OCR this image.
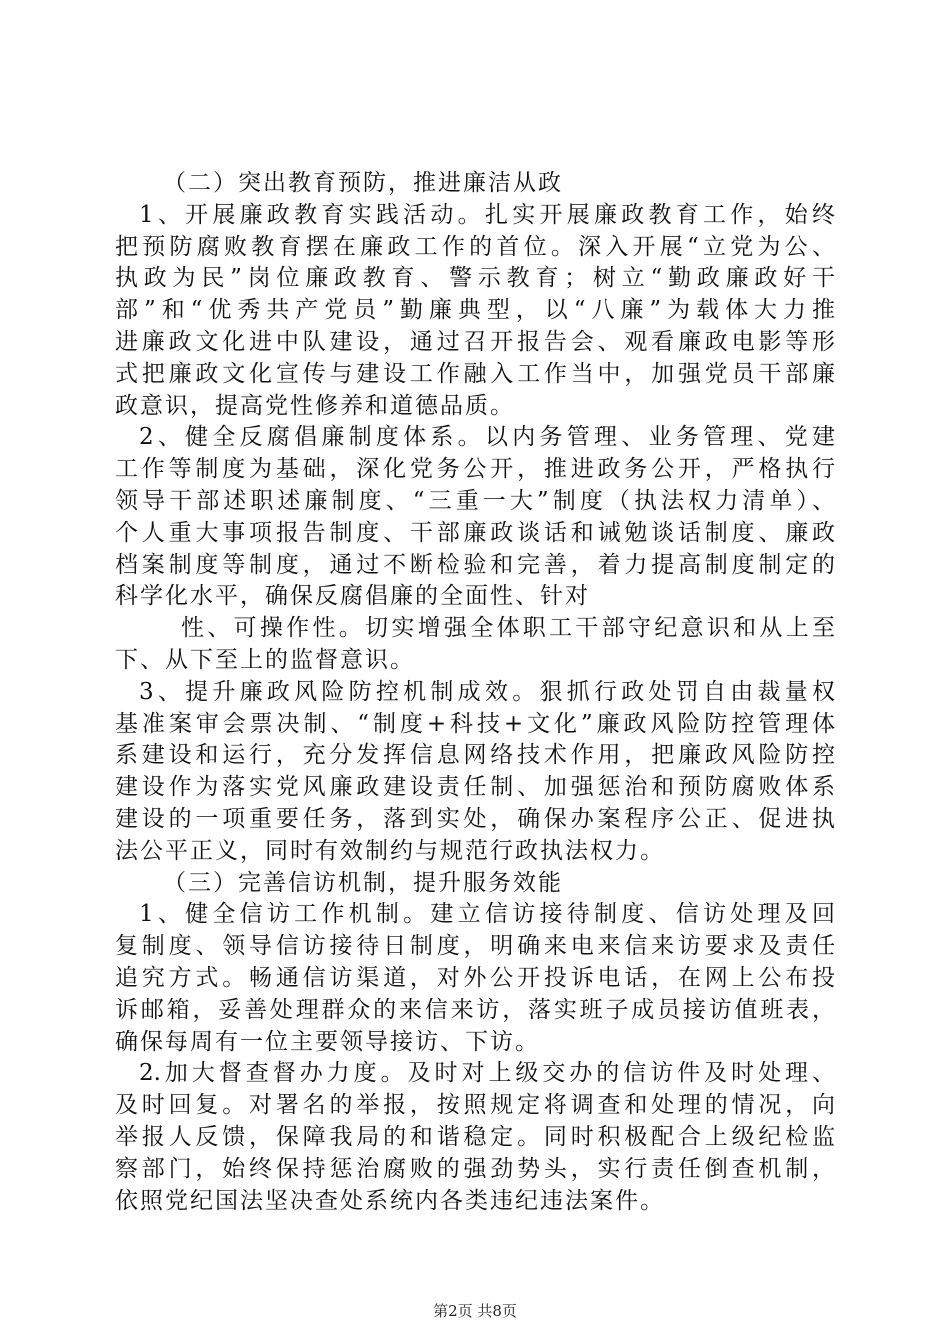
（二）突出教育预防，推进廉洁从政
1、开展廉政教育实践活动。扎实开展廉政教育工作，始终
把预防腐败教育摆在廉政工作的首位。深入开展“立党为公、
执政为民”岗位廉政教育、警示教育；树立“勤政廉政好干
部”和“优秀共产党员”勤廉典型，以“八廉”为载体大力推
进廉政文化进中队建设，通过召开报告会、观看廉政电影等形
式把廉政文化宣传与建设工作融入工作当中，加强党员干部廉
政意识，提高党性修养和道德品质。
2、健全反腐倡廉制度体系。以内务管理、业务管理、党建
工作等制度为基础，深化党务公开，推进政务公开，严格执行
领导干部述职述廉制度、“三重一大”制度（执法权力清单）、
个人重大事项报告制度、干部廉政谈话和诫勉谈话制度、廉政
档案制度等制度，通过不断检验和完善，着力提高制度制定的
科学化水平，确保反腐倡廉的全面性、针对
性、可操作性。切实增强全体职工干部守纪意识和从上至
下、从下至上的监督意识。
3、提升廉政风险防控机制成效。狠抓行政处罚自由裁量权
基准案审会票决制、“制度+科技+文化”廉政风险防控管理体
系建设和运行，充分发挥信息网络技术作用，把廉政风险防控
建设作为落实党风廉政建设责任制、加强惩治和预防腐败体系
建设的一项重要任务，落到实处，确保办案程序公正、促进执
法公平正义，同时有效制约与规范行政执法权力。
（三）完善信访机制，提升服务效能
1、健全信访工作机制。建立信访接待制度、信访处理及回
复制度、领导信访接待日制度，明确来电来信来访要求及责任
追究方式。畅通信访渠道，对外公开投诉电话，在网上公布投
诉邮箱，妥善处理群众的来信来访，落实班子成员接访值班表，
确保每周有一位主要领导接访、下访。
2.加大督查督办力度。及时对上级交办的信访件及时处理、
及时回复。对署名的举报，按照规定将调查和处理的情况，向
举报人反馈，保障我局的和谐稳定。同时积极配合上级纪检监
察部门，始终保持惩治腐败的强劲势头，实行责任倒查机制，
依照党纪国法坚决查处系统内各类违纪违法案件。
第2页 共8页
